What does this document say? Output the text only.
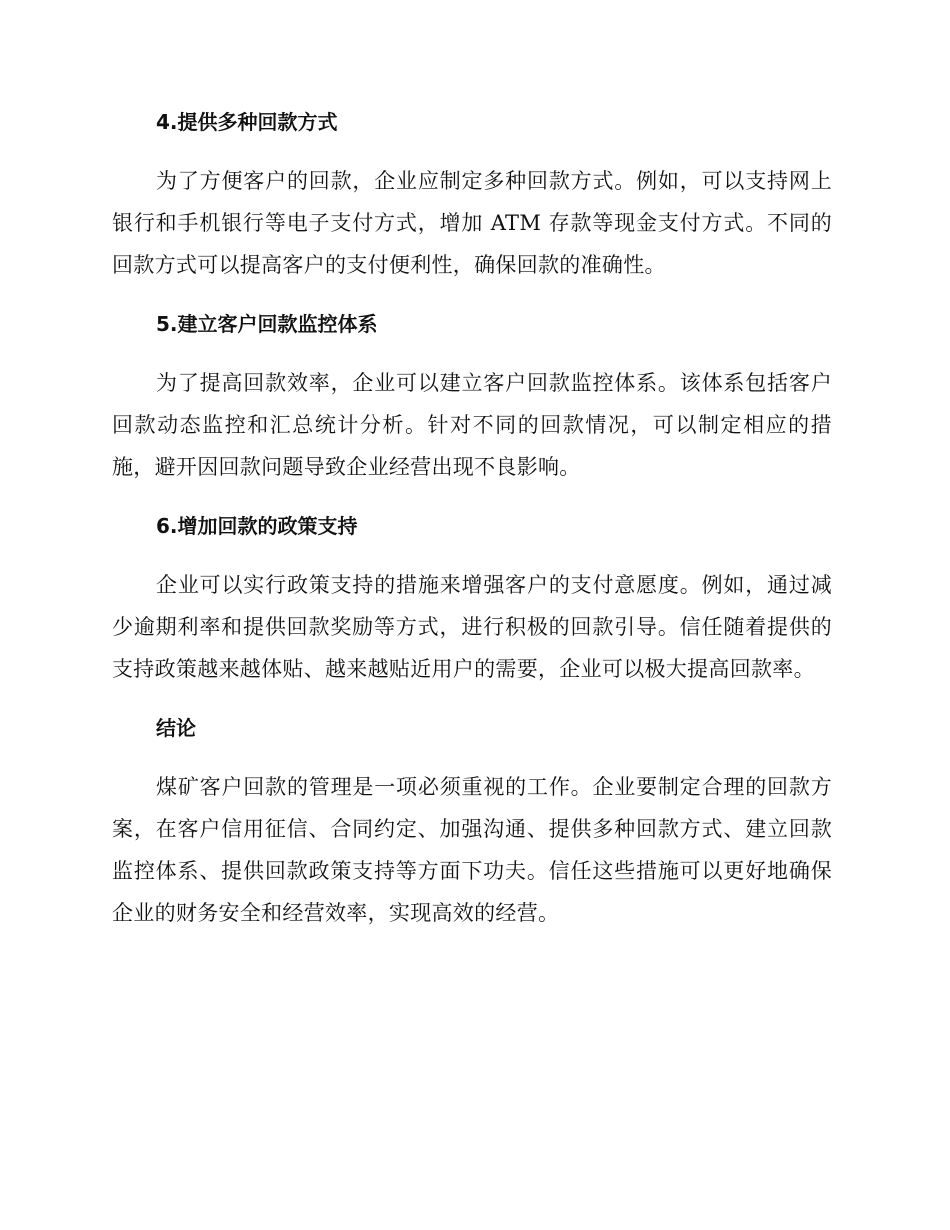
4.提供多种回款方式
为了方便客户的回款，企业应制定多种回款方式。例如，可以支持网上银行和手机银行等电子支付方式，增加 ATM 存款等现金支付方式。不同的回款方式可以提高客户的支付便利性，确保回款的准确性。
5.建立客户回款监控体系
为了提高回款效率，企业可以建立客户回款监控体系。该体系包括客户回款动态监控和汇总统计分析。针对不同的回款情况，可以制定相应的措施，避开因回款问题导致企业经营出现不良影响。
6.增加回款的政策支持
企业可以实行政策支持的措施来增强客户的支付意愿度。例如，通过减少逾期利率和提供回款奖励等方式，进行积极的回款引导。信任随着提供的支持政策越来越体贴、越来越贴近用户的需要，企业可以极大提高回款率。
结论
煤矿客户回款的管理是一项必须重视的工作。企业要制定合理的回款方案，在客户信用征信、合同约定、加强沟通、提供多种回款方式、建立回款监控体系、提供回款政策支持等方面下功夫。信任这些措施可以更好地确保企业的财务安全和经营效率，实现高效的经营。
